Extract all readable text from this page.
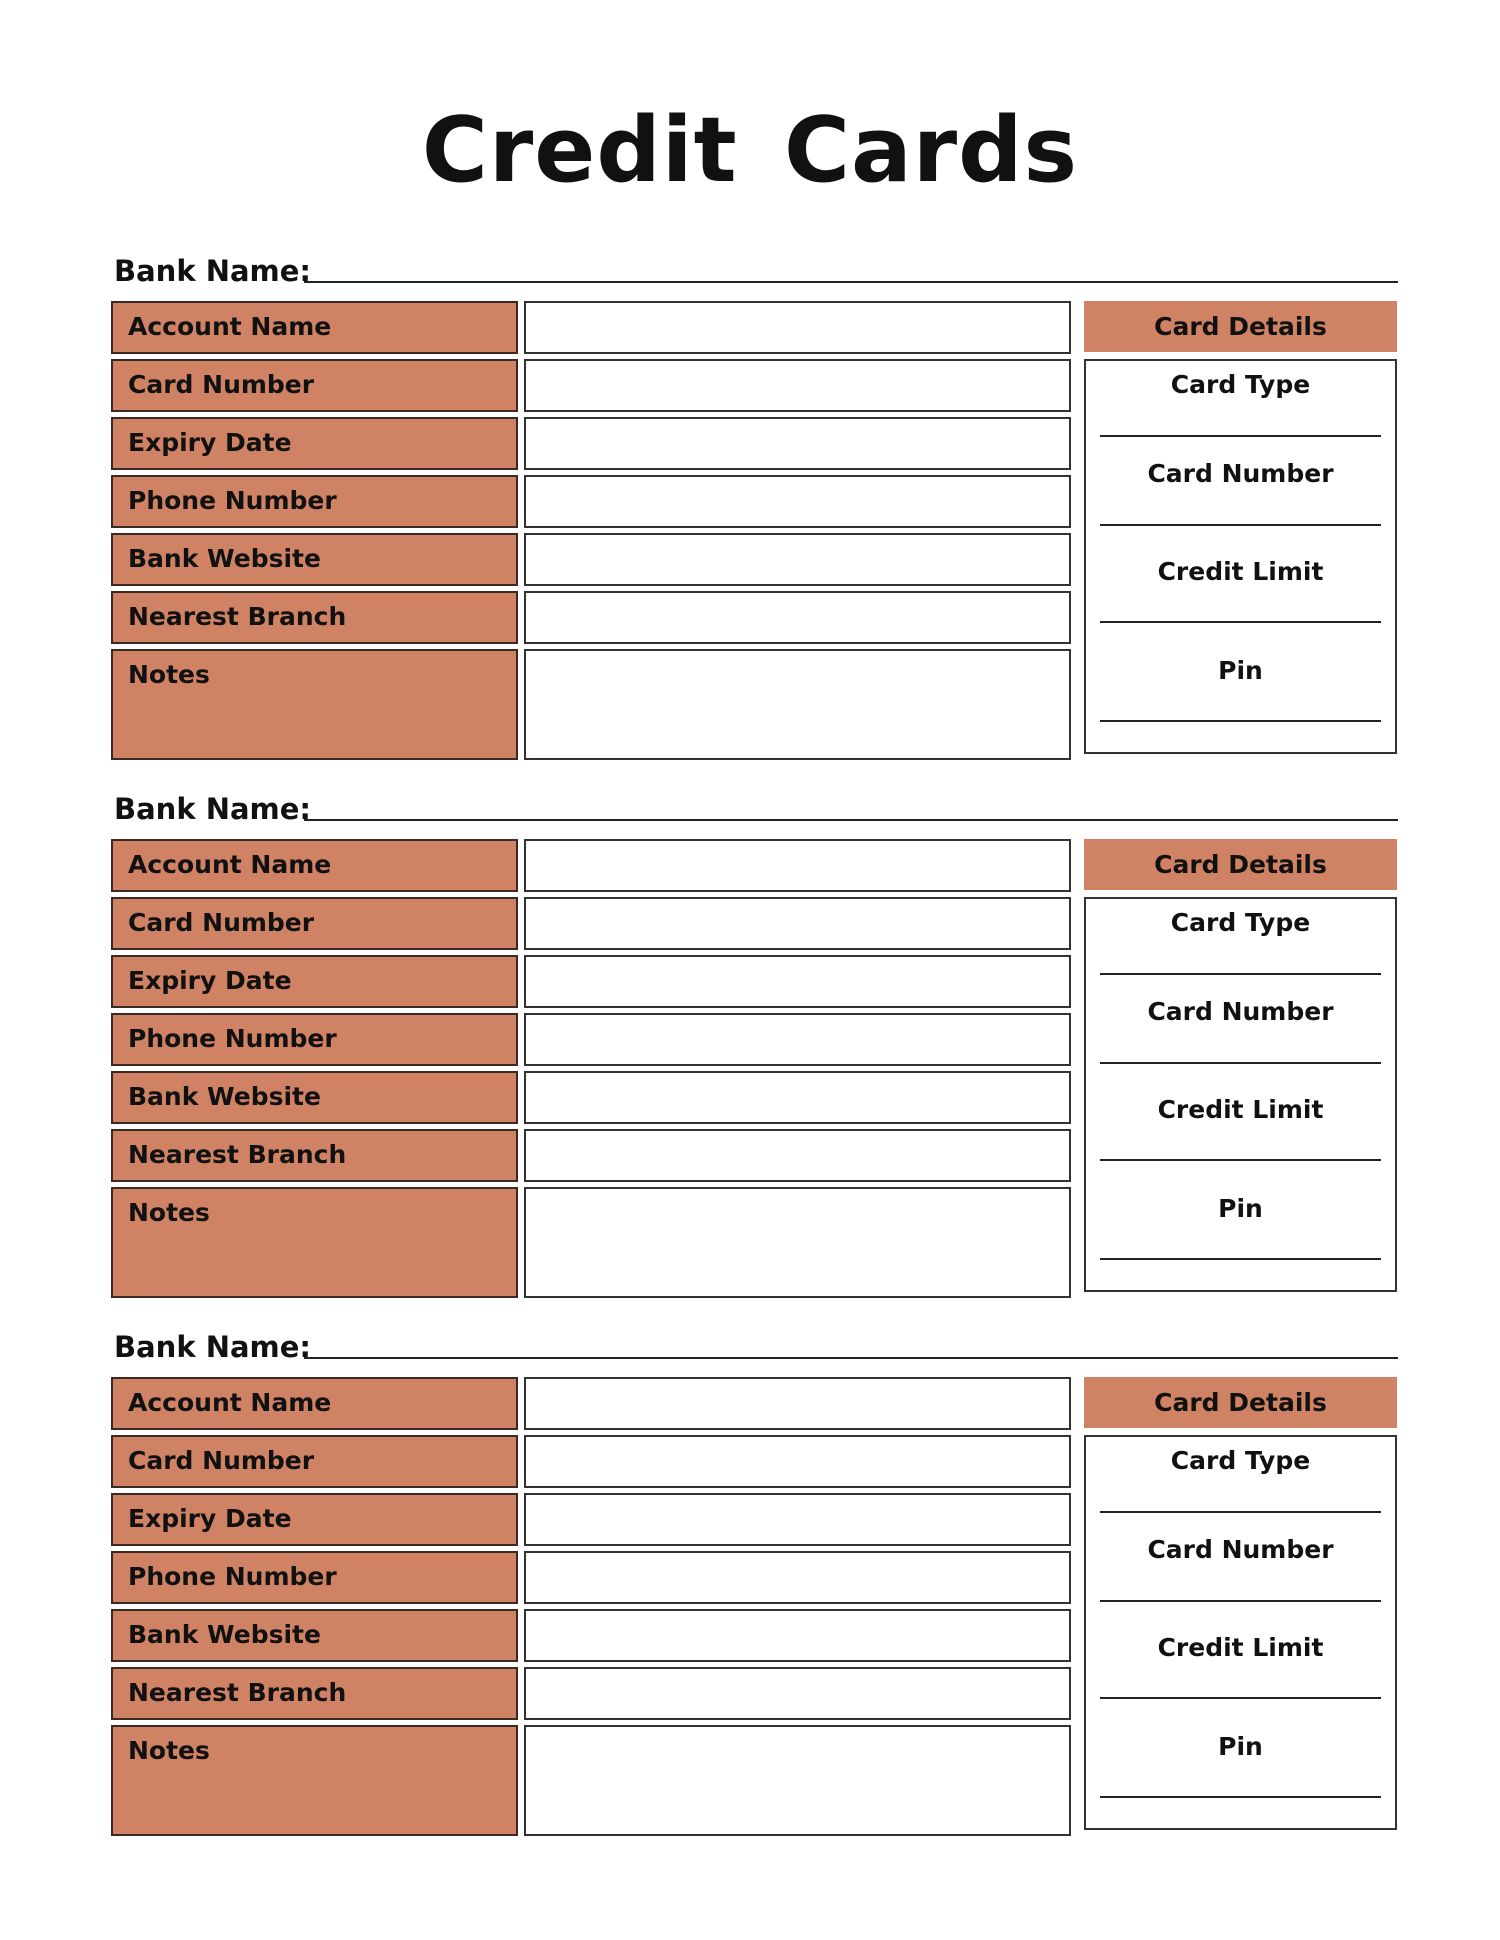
Credit Cards
Bank Name:
Account Name
Card Number
Expiry Date
Phone Number
Bank Website
Nearest Branch
Notes
Card Details
Card Type
Card Number
Credit Limit
Pin
Bank Name:
Account Name
Card Number
Expiry Date
Phone Number
Bank Website
Nearest Branch
Notes
Card Details
Card Type
Card Number
Credit Limit
Pin
Bank Name:
Account Name
Card Number
Expiry Date
Phone Number
Bank Website
Nearest Branch
Notes
Card Details
Card Type
Card Number
Credit Limit
Pin
